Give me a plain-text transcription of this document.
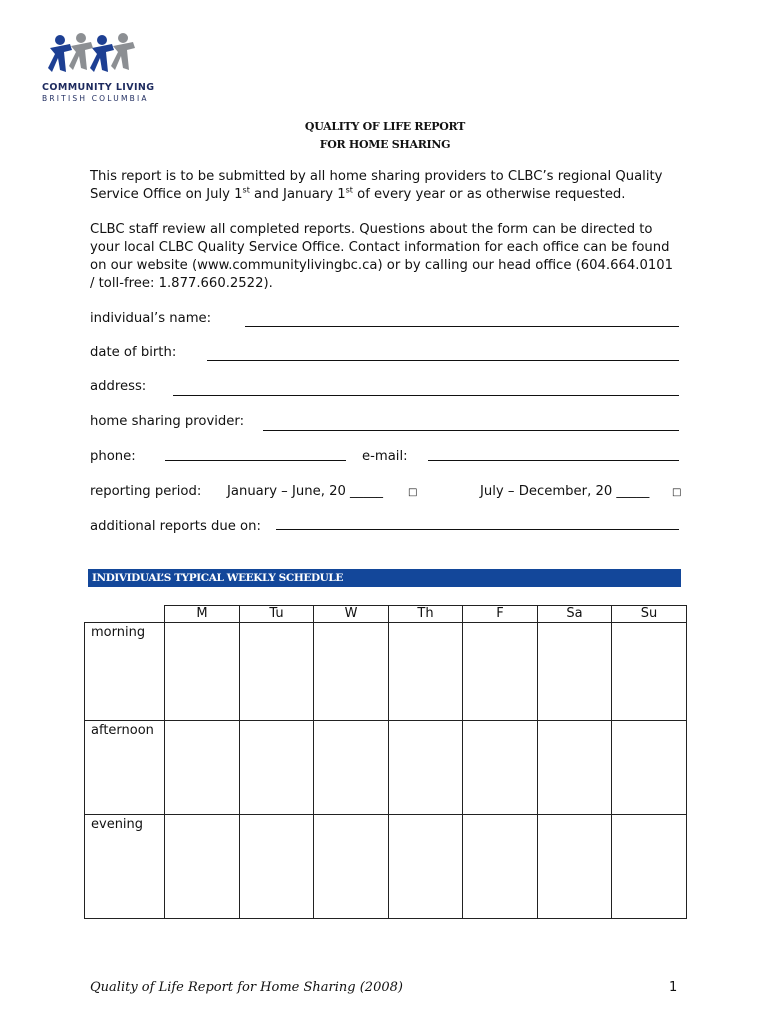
COMMUNITY LIVING
BRITISH COLUMBIA
QUALITY OF LIFE REPORT
FOR HOME SHARING
This report is to be submitted by all home sharing providers to CLBC’s regional Quality Service Office on July 1st and January 1st of every year or as otherwise requested.
CLBC staff review all completed reports. Questions about the form can be directed to your local CLBC Quality Service Office. Contact information for each office can be found on our website (www.communitylivingbc.ca) or by calling our head office (604.664.0101 / toll-free: 1.877.660.2522).
individual’s name:
date of birth:
address:
home sharing provider:
phone:	e-mail:
reporting period: January – June, 20 _____ □	July – December, 20 _____ □
additional reports due on:
INDIVIDUAL’S TYPICAL WEEKLY SCHEDULE
	M	Tu	W	Th	F	Sa	Su
morning							
afternoon							
evening							
Quality of Life Report for Home Sharing (2008)	1
